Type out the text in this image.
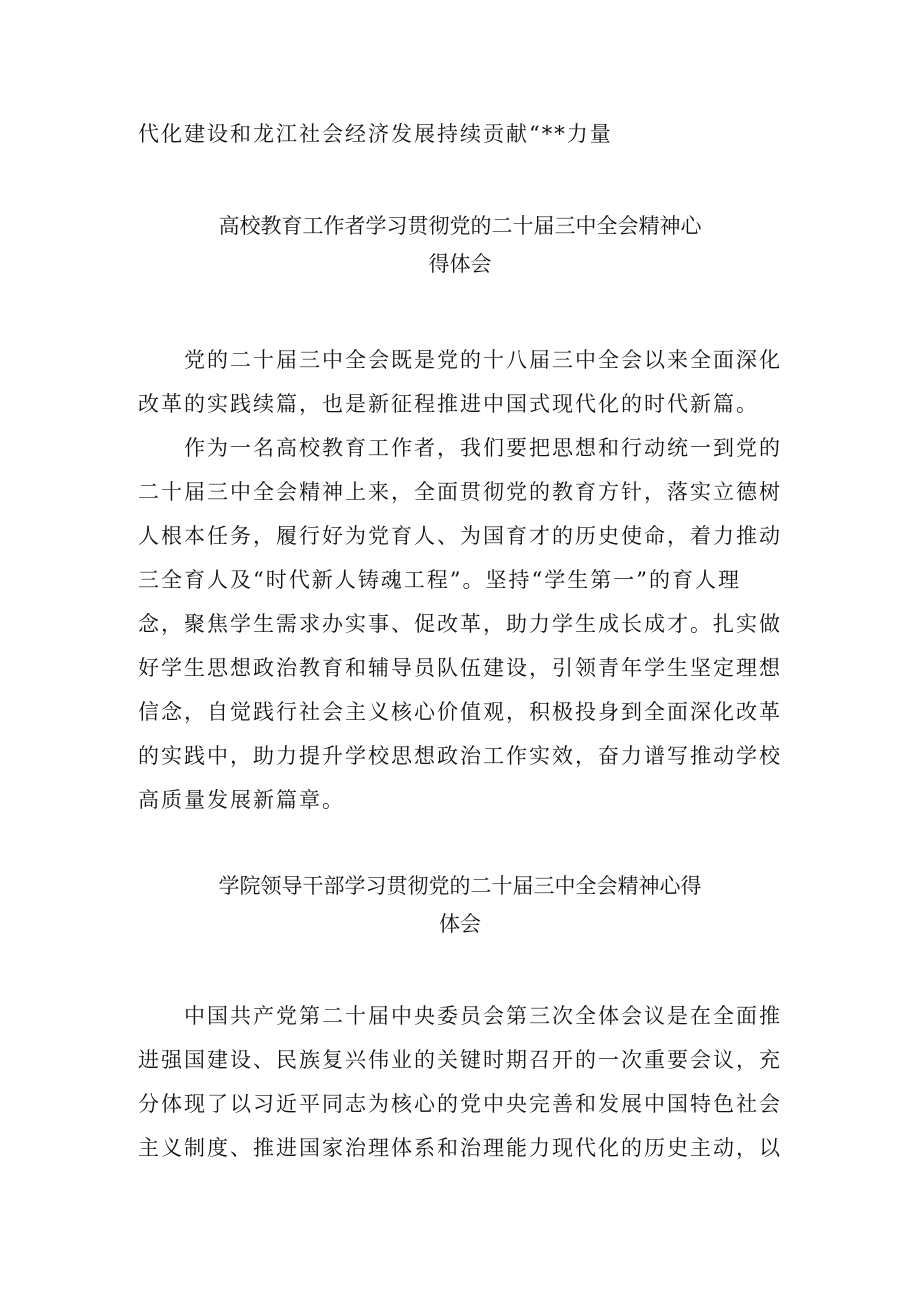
代化建设和龙江社会经济发展持续贡献“**力量
高校教育工作者学习贯彻党的二十届三中全会精神心
得体会
党的二十届三中全会既是党的十八届三中全会以来全面深化
改革的实践续篇，也是新征程推进中国式现代化的时代新篇。
作为一名高校教育工作者，我们要把思想和行动统一到党的
二十届三中全会精神上来，全面贯彻党的教育方针，落实立德树
人根本任务，履行好为党育人、为国育才的历史使命，着力推动
三全育人及“时代新人铸魂工程”。坚持“学生第一”的育人理
念，聚焦学生需求办实事、促改革，助力学生成长成才。扎实做
好学生思想政治教育和辅导员队伍建设，引领青年学生坚定理想
信念，自觉践行社会主义核心价值观，积极投身到全面深化改革
的实践中，助力提升学校思想政治工作实效，奋力谱写推动学校
高质量发展新篇章。
学院领导干部学习贯彻党的二十届三中全会精神心得
体会
中国共产党第二十届中央委员会第三次全体会议是在全面推
进强国建设、民族复兴伟业的关键时期召开的一次重要会议，充
分体现了以习近平同志为核心的党中央完善和发展中国特色社会
主义制度、推进国家治理体系和治理能力现代化的历史主动，以
